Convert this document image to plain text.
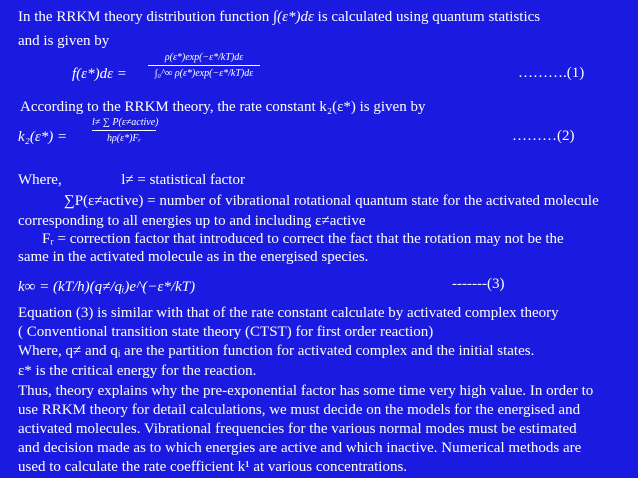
In the RRKM theory distribution function ∫(ε*)dε is calculated using quantum statistics
and is given by
f(ε*)dε =
ρ(ε*)exp(−ε*/kT)dε
∫₀^∞ ρ(ε*)exp(−ε*/kT)dε	……….(1)
According to the RRKM theory, the rate constant k₂(ε*) is given by
k₂(ε*) =
l≠ ∑ P(ε≠active)
hρ(ε*)Fᵣ	………(2)
Where,	l≠ = statistical factor
∑P(ε≠active) = number of vibrational rotational quantum state for the activated molecule
corresponding to all energies up to and including ε≠active
Fᵣ = correction factor that introduced to correct the fact that the rotation may not be the
same in the activated molecule as in the energised species.
k∞ = (kT/h)(q≠/qᵢ)e^(−ε*/kT)	-------(3)
Equation (3) is similar with that of the rate constant calculate by activated complex theory
( Conventional transition state theory (CTST) for first order reaction)
Where, q≠ and qᵢ are the partition function for activated complex and the initial states.
ε* is the critical energy for the reaction.
Thus, theory explains why the pre-exponential factor has some time very high value. In order to
use RRKM theory for detail calculations, we must decide on the models for the energised and
activated molecules. Vibrational frequencies for the various normal modes must be estimated
and decision made as to which energies are active and which inactive. Numerical methods are
used to calculate the rate coefficient k¹ at various concentrations.
